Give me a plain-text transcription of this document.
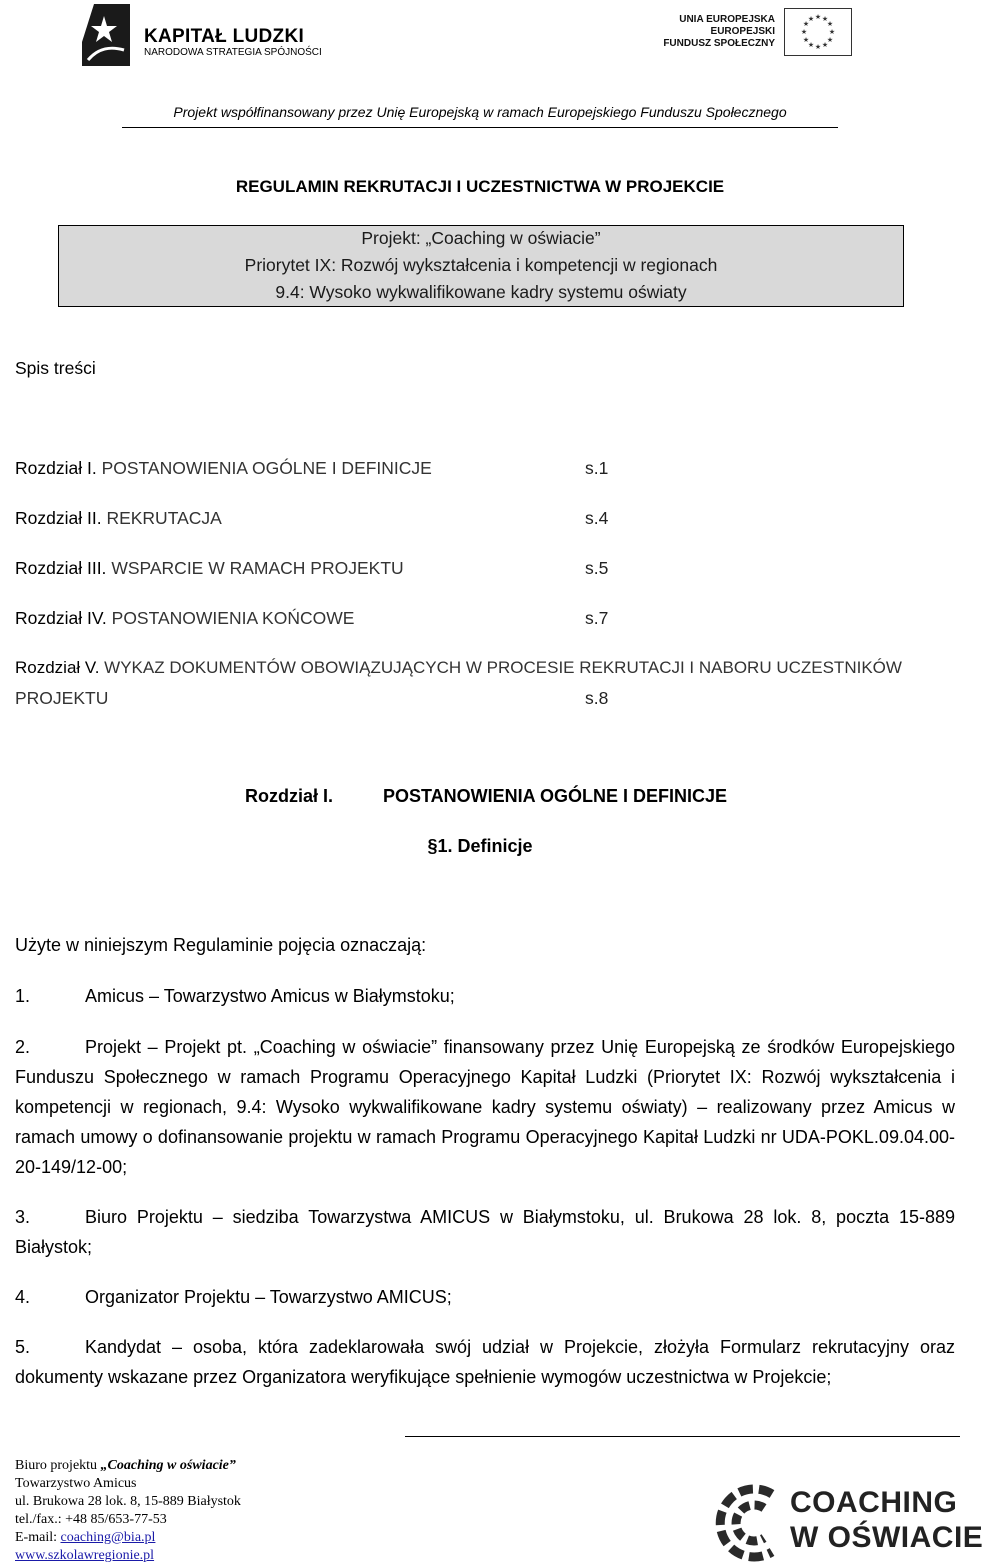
KAPITAŁ LUDZKI
NARODOWA STRATEGIA SPÓJNOŚCI
UNIA EUROPEJSKA
EUROPEJSKI
FUNDUSZ SPOŁECZNY
★ ★
★
★
★
★
★
★
★
★
★
★
Projekt współfinansowany przez Unię Europejską w ramach Europejskiego Funduszu Społecznego
REGULAMIN REKRUTACJI I UCZESTNICTWA W PROJEKCIE
Projekt: „Coaching w oświacie”
Priorytet IX: Rozwój wykształcenia i kompetencji w regionach
9.4: Wysoko wykwalifikowane kadry systemu oświaty
Spis treści
Rozdział I. POSTANOWIENIA OGÓLNE I DEFINICJE	s.1
Rozdział II. REKRUTACJA	s.4
Rozdział III. WSPARCIE W RAMACH PROJEKTU	s.5
Rozdział IV. POSTANOWIENIA KOŃCOWE	s.7
Rozdział V. WYKAZ DOKUMENTÓW OBOWIĄZUJĄCYCH W PROCESIE REKRUTACJI I NABORU UCZESTNIKÓW
PROJEKTU	s.8
Rozdział I.	POSTANOWIENIA OGÓLNE I DEFINICJE
§1. Definicje
Użyte w niniejszym Regulaminie pojęcia oznaczają:
1.	Amicus – Towarzystwo Amicus w Białymstoku;
2.	Projekt – Projekt pt. „Coaching w oświacie” finansowany przez Unię Europejską ze środków Europejskiego Funduszu Społecznego w ramach Programu Operacyjnego Kapitał Ludzki (Priorytet IX: Rozwój wykształcenia i kompetencji w regionach, 9.4: Wysoko wykwalifikowane kadry systemu oświaty) – realizowany przez Amicus w ramach umowy o dofinansowanie projektu w ramach Programu Operacyjnego Kapitał Ludzki nr UDA-POKL.09.04.00-20-149/12-00;
3.	Biuro Projektu – siedziba Towarzystwa AMICUS w Białymstoku, ul. Brukowa 28 lok. 8, poczta 15-889 Białystok;
4.	Organizator Projektu – Towarzystwo AMICUS;
5.	Kandydat – osoba, która zadeklarowała swój udział w Projekcie, złożyła Formularz rekrutacyjny oraz dokumenty wskazane przez Organizatora weryfikujące spełnienie wymogów uczestnictwa w Projekcie;
Biuro projektu „Coaching w oświacie”
Towarzystwo Amicus
ul. Brukowa 28 lok. 8, 15-889 Białystok
tel./fax.: +48 85/653-77-53
E-mail: coaching@bia.pl
www.szkolawregionie.pl
COACHING
W OŚWIACIE
